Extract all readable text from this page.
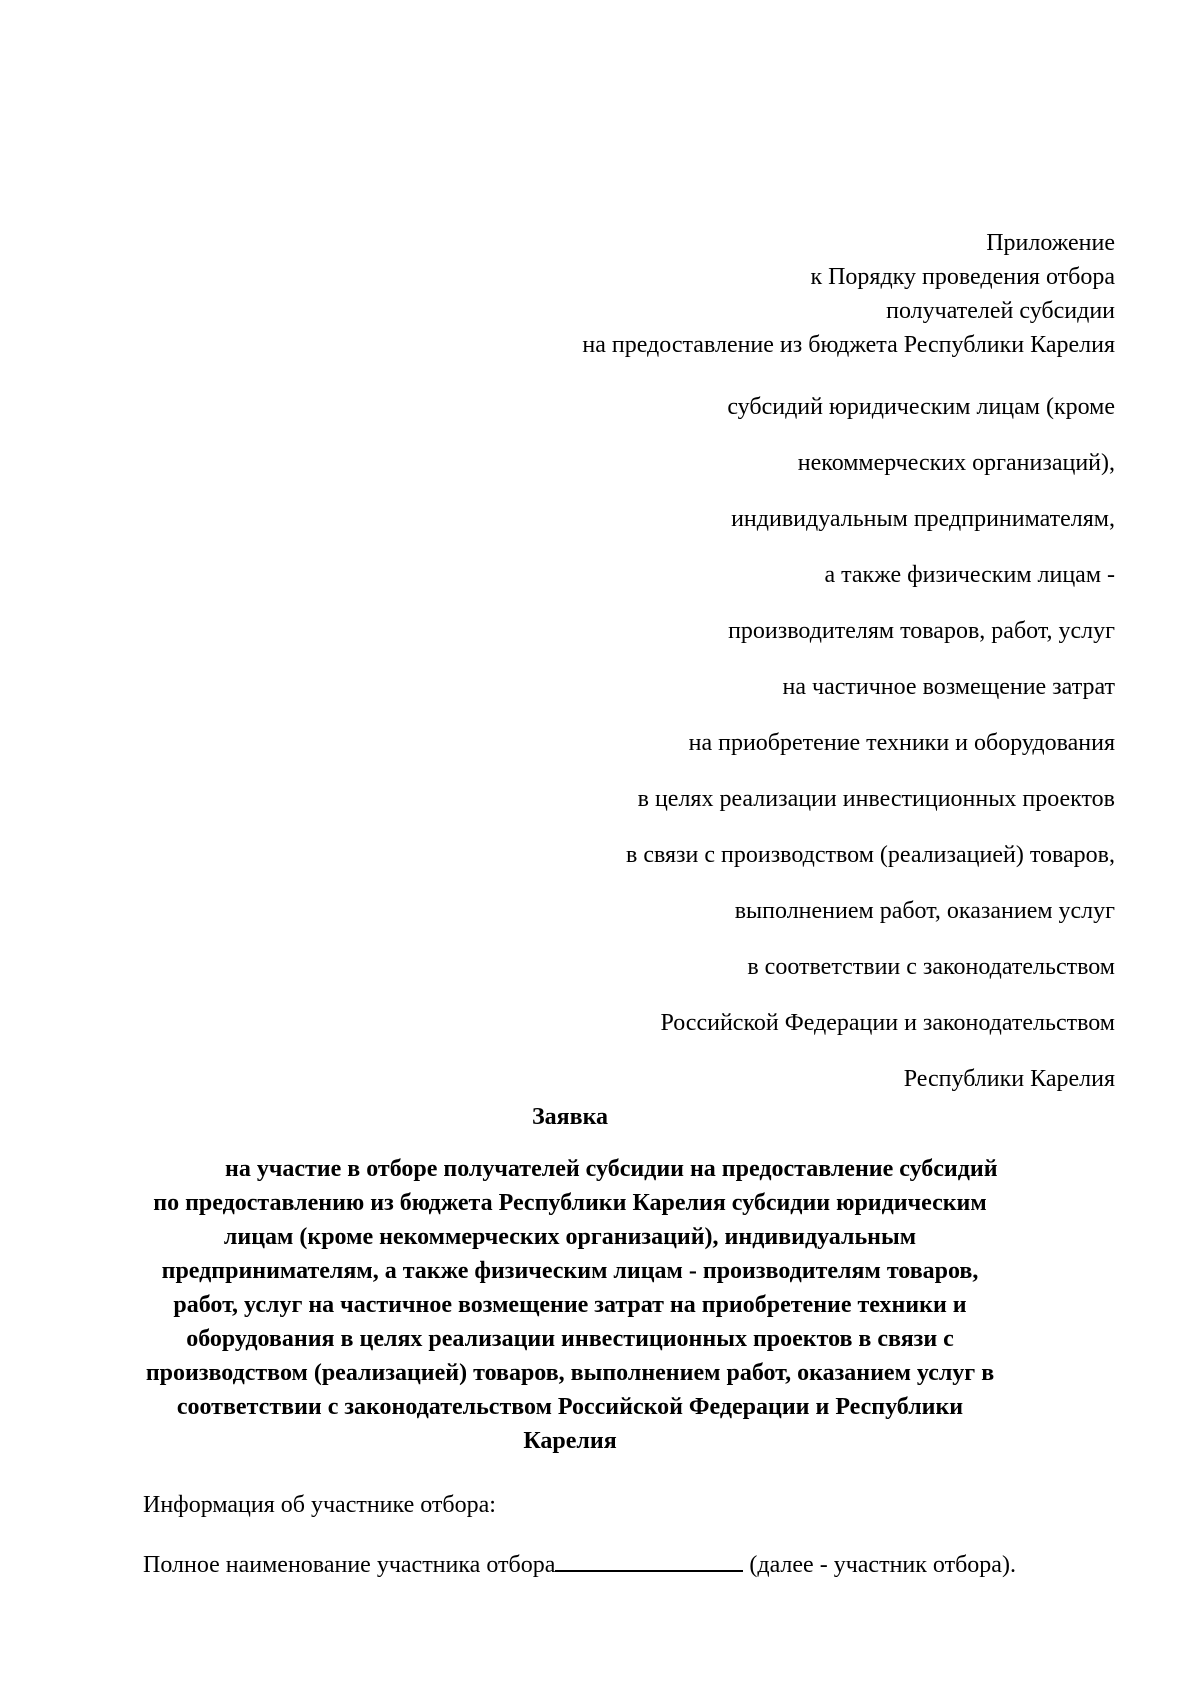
Приложение
к Порядку проведения отбора
получателей субсидии
на предоставление из бюджета Республики Карелия
субсидий юридическим лицам (кроме
некоммерческих организаций),
индивидуальным предпринимателям,
а также физическим лицам -
производителям товаров, работ, услуг
на частичное возмещение затрат
на приобретение техники и оборудования
в целях реализации инвестиционных проектов
в связи с производством (реализацией) товаров,
выполнением работ, оказанием услуг
в соответствии с законодательством
Российской Федерации и законодательством
Республики Карелия
Заявка
на участие в отборе получателей субсидии на предоставление субсидий
по предоставлению из бюджета Республики Карелия субсидии юридическим
лицам (кроме некоммерческих организаций), индивидуальным
предпринимателям, а также физическим лицам - производителям товаров,
работ, услуг на частичное возмещение затрат на приобретение техники и
оборудования в целях реализации инвестиционных проектов в связи с
производством (реализацией) товаров, выполнением работ, оказанием услуг в
соответствии с законодательством Российской Федерации и Республики
Карелия
Информация об участнике отбора:
Полное наименование участника отбора	(далее - участник отбора).
